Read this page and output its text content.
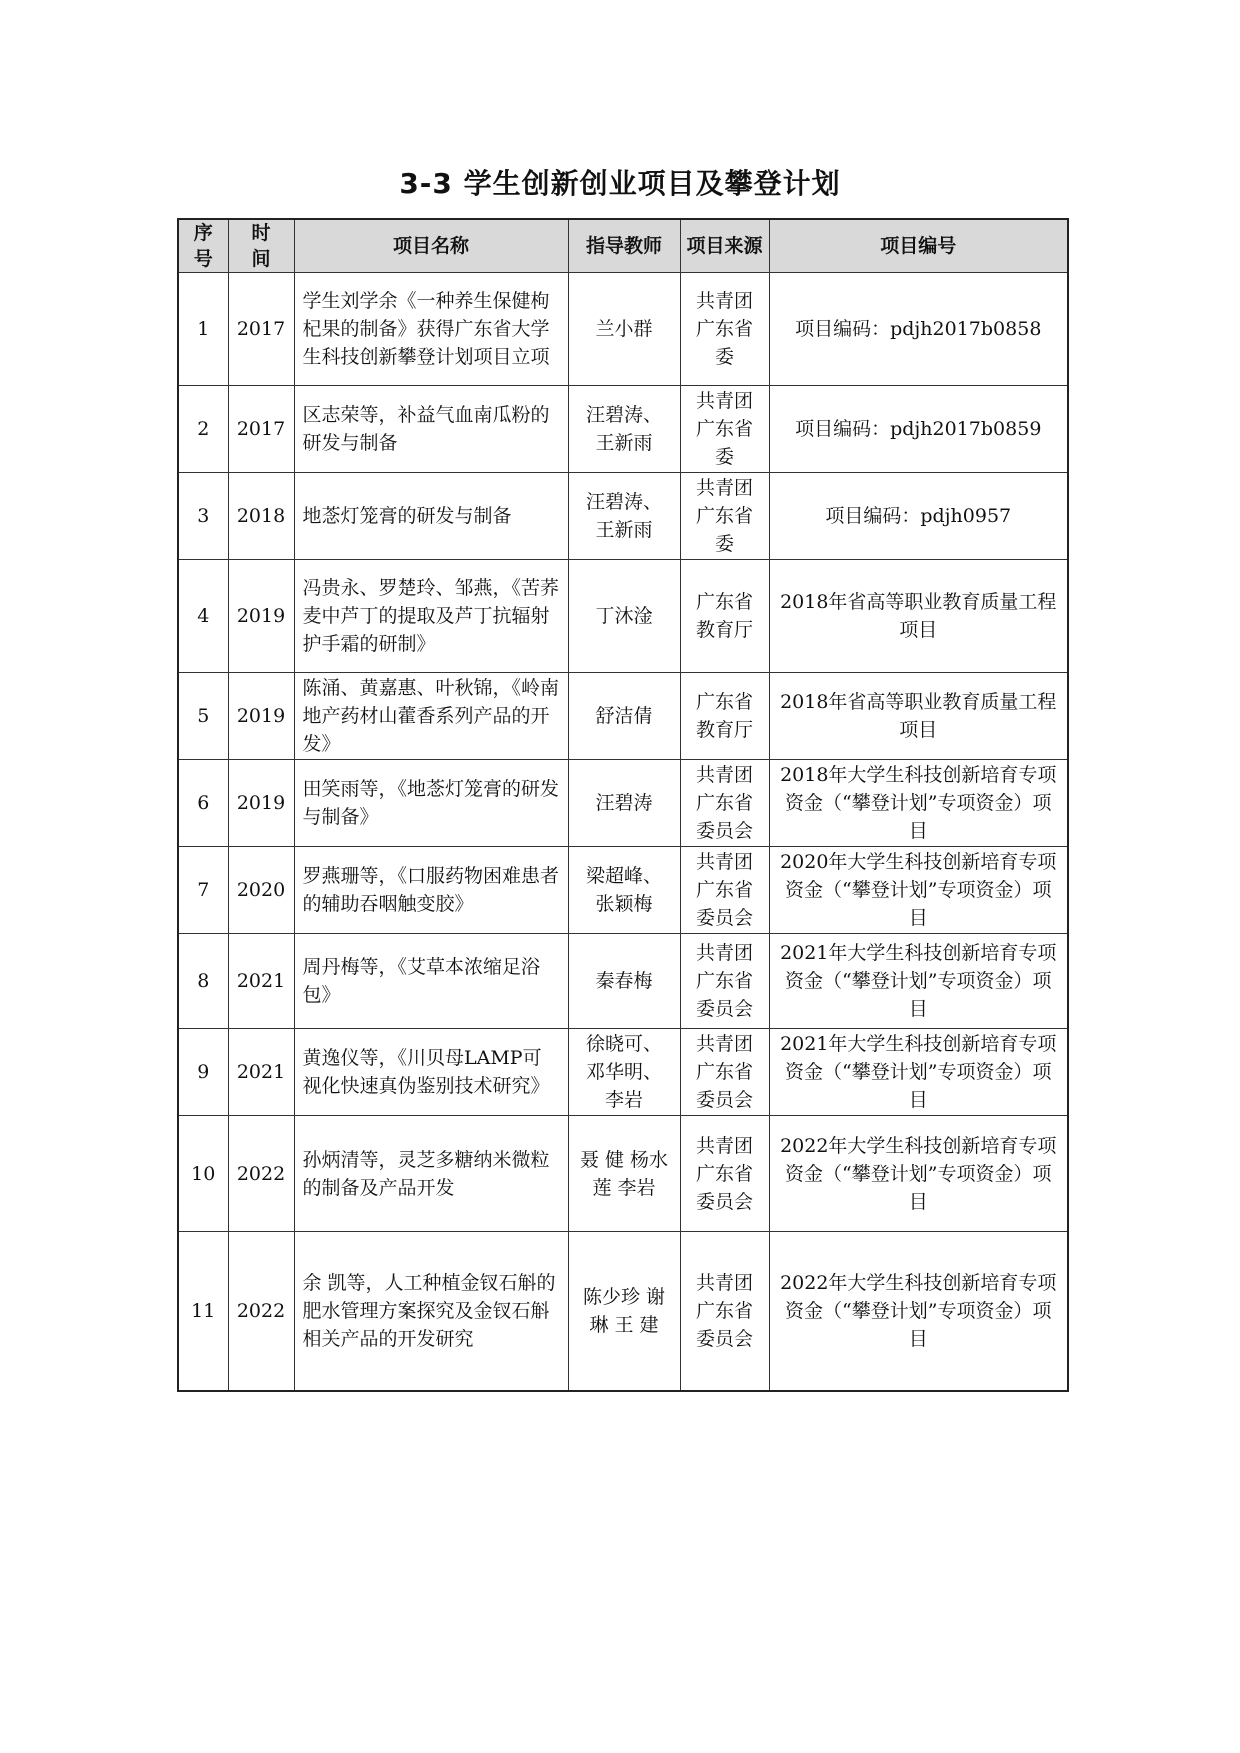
3-3 学生创新创业项目及攀登计划
序号	时间	项目名称	指导教师	项目来源	项目编号
1	2017	学生刘学余《一种养生保健枸杞果的制备》获得广东省大学生科技创新攀登计划项目立项	兰小群	共青团广东省委	项目编码：pdjh2017b0858
2	2017	区志荣等，补益气血南瓜粉的研发与制备	汪碧涛、王新雨	共青团广东省委	项目编码：pdjh2017b0859
3	2018	地菍灯笼膏的研发与制备	汪碧涛、王新雨	共青团广东省委	项目编码：pdjh0957
4	2019	冯贵永、罗楚玲、邹燕，《苦荞麦中芦丁的提取及芦丁抗辐射护手霜的研制》	丁沐淦	广东省教育厅	2018年省高等职业教育质量工程项目
5	2019	陈涌、黄嘉惠、叶秋锦，《岭南地产药材山藿香系列产品的开发》	舒洁倩	广东省教育厅	2018年省高等职业教育质量工程项目
6	2019	田笑雨等，《地菍灯笼膏的研发与制备》	汪碧涛	共青团广东省委员会	2018年大学生科技创新培育专项资金（“攀登计划”专项资金）项目
7	2020	罗燕珊等，《口服药物困难患者的辅助吞咽触变胶》	梁超峰、张颖梅	共青团广东省委员会	2020年大学生科技创新培育专项资金（“攀登计划”专项资金）项目
8	2021	周丹梅等，《艾草本浓缩足浴包》	秦春梅	共青团广东省委员会	2021年大学生科技创新培育专项资金（“攀登计划”专项资金）项目
9	2021	黄逸仪等，《川贝母LAMP可视化快速真伪鉴别技术研究》	徐晓可、邓华明、李岩	共青团广东省委员会	2021年大学生科技创新培育专项资金（“攀登计划”专项资金）项目
10	2022	孙炳清等，灵芝多糖纳米微粒的制备及产品开发	聂 健 杨水莲 李岩	共青团广东省委员会	2022年大学生科技创新培育专项资金（“攀登计划”专项资金）项目
11	2022	余 凯等，人工种植金钗石斛的肥水管理方案探究及金钗石斛相关产品的开发研究	陈少珍 谢 琳 王 建	共青团广东省委员会	2022年大学生科技创新培育专项资金（“攀登计划”专项资金）项目
